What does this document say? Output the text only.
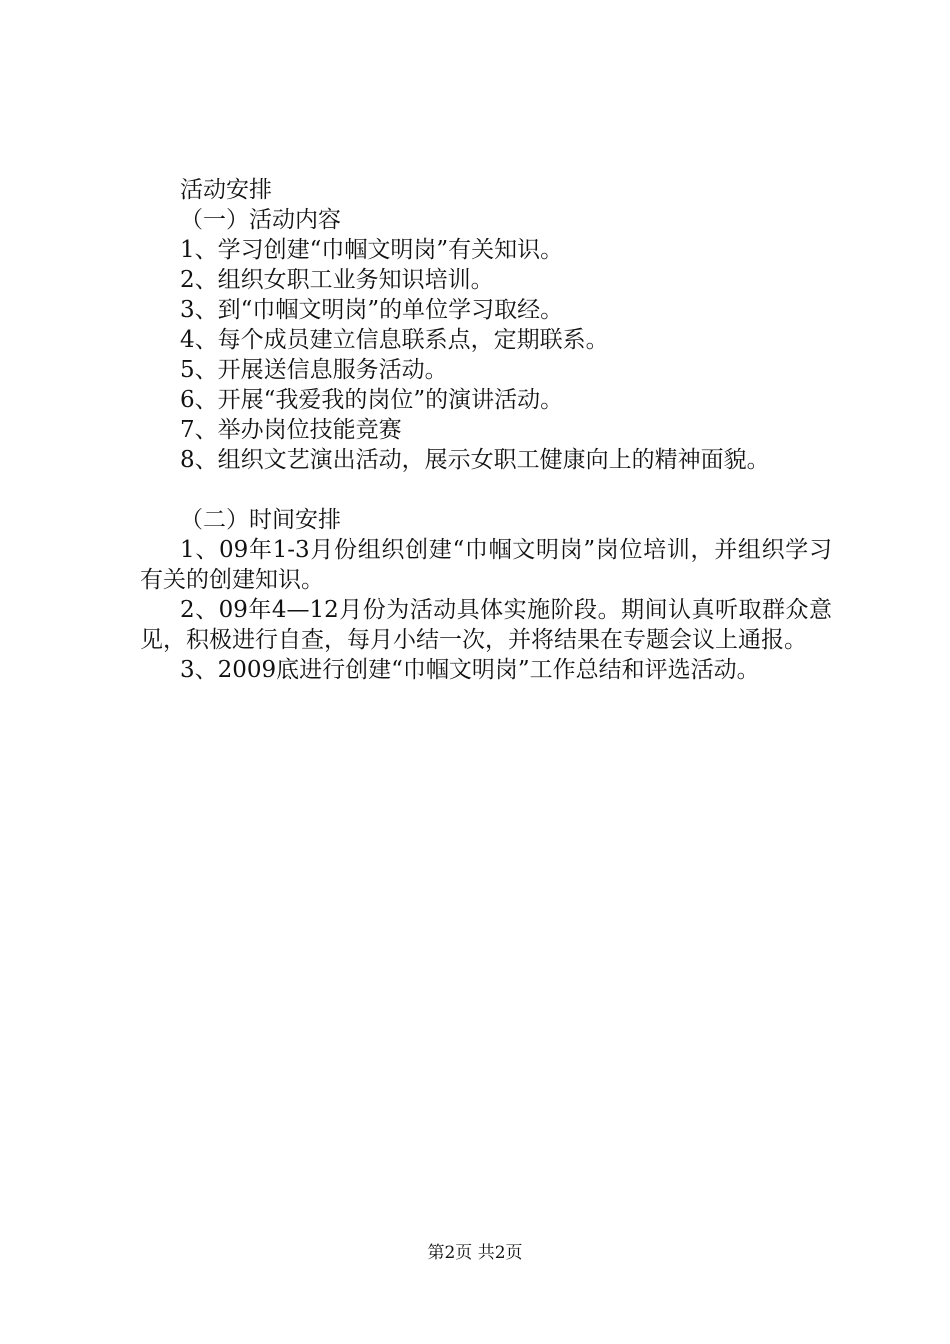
活动安排

（一）活动内容

1、学习创建“巾帼文明岗”有关知识。

2、组织女职工业务知识培训。

3、到“巾帼文明岗”的单位学习取经。

4、每个成员建立信息联系点，定期联系。

5、开展送信息服务活动。

6、开展“我爱我的岗位”的演讲活动。

7、举办岗位技能竞赛

8、组织文艺演出活动，展示女职工健康向上的精神面貌。

（二）时间安排

1、09年1-3月份组织创建“巾帼文明岗”岗位培训，并组织学习有关的创建知识。

2、09年4—12月份为活动具体实施阶段。期间认真听取群众意见，积极进行自查，每月小结一次，并将结果在专题会议上通报。

3、2009底进行创建“巾帼文明岗”工作总结和评选活动。

第2页 共2页
